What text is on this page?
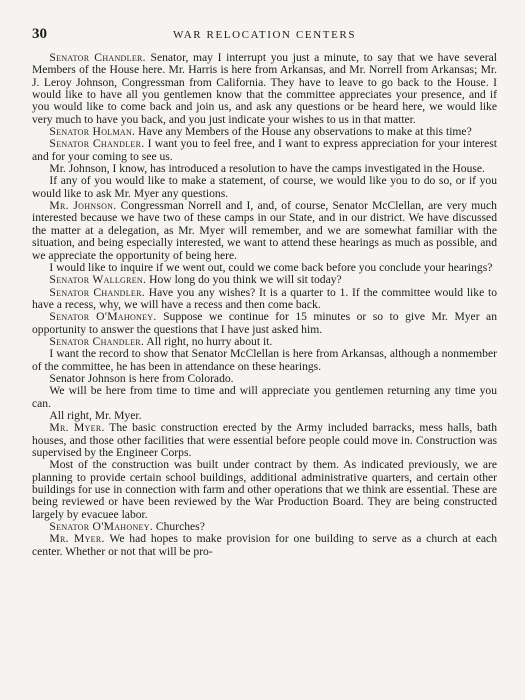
30	WAR RELOCATION CENTERS

Senator Chandler. Senator, may I interrupt you just a minute, to say that we have several Members of the House here. Mr. Harris is here from Arkansas, and Mr. Norrell from Arkansas; Mr. J. Leroy Johnson, Congressman from California. They have to leave to go back to the House. I would like to have all you gentlemen know that the committee appreciates your presence, and if you would like to come back and join us, and ask any questions or be heard here, we would like very much to have you back, and you just indicate your wishes to us in that matter.

Senator Holman. Have any Members of the House any observations to make at this time?

Senator Chandler. I want you to feel free, and I want to express appreciation for your interest and for your coming to see us.

Mr. Johnson, I know, has introduced a resolution to have the camps investigated in the House.

If any of you would like to make a statement, of course, we would like you to do so, or if you would like to ask Mr. Myer any questions.

Mr. Johnson. Congressman Norrell and I, and, of course, Senator McClellan, are very much interested because we have two of these camps in our State, and in our district. We have discussed the matter at a delegation, as Mr. Myer will remember, and we are somewhat familiar with the situation, and being especially interested, we want to attend these hearings as much as possible, and we appreciate the opportunity of being here.

I would like to inquire if we went out, could we come back before you conclude your hearings?

Senator Wallgren. How long do you think we will sit today?

Senator Chandler. Have you any wishes? It is a quarter to 1. If the committee would like to have a recess, why, we will have a recess and then come back.

Senator O'Mahoney. Suppose we continue for 15 minutes or so to give Mr. Myer an opportunity to answer the questions that I have just asked him.

Senator Chandler. All right, no hurry about it.

I want the record to show that Senator McClellan is here from Arkansas, although a nonmember of the committee, he has been in attendance on these hearings.

Senator Johnson is here from Colorado.

We will be here from time to time and will appreciate you gentlemen returning any time you can.

All right, Mr. Myer.

Mr. Myer. The basic construction erected by the Army included barracks, mess halls, bath houses, and those other facilities that were essential before people could move in. Construction was supervised by the Engineer Corps.

Most of the construction was built under contract by them. As indicated previously, we are planning to provide certain school buildings, additional administrative quarters, and certain other buildings for use in connection with farm and other operations that we think are essential. These are being reviewed or have been reviewed by the War Production Board. They are being constructed largely by evacuee labor.

Senator O'Mahoney. Churches?

Mr. Myer. We had hopes to make provision for one building to serve as a church at each center. Whether or not that will be pro-
